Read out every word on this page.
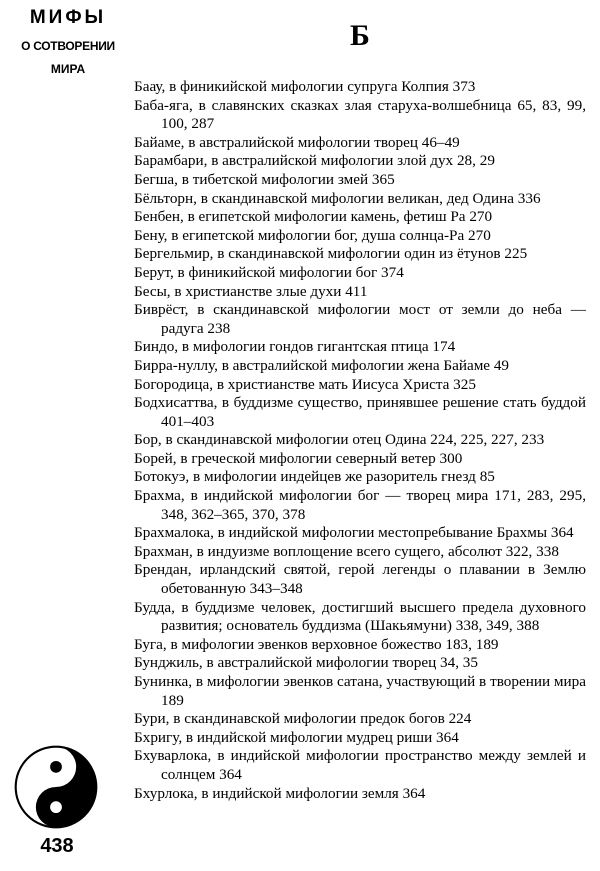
МИФЫ
О СОТВОРЕНИИ
МИРА
Б
Баау, в финикийской мифологии супруга Колпия 373
Баба-яга, в славянских сказках злая старуха-волшебница 65, 83, 99, 100, 287
Байаме, в австралийской мифологии творец 46–49
Барамбари, в австралийской мифологии злой дух 28, 29
Бегша, в тибетской мифологии змей 365
Бёльторн, в скандинавской мифологии великан, дед Одина 336
Бенбен, в египетской мифологии камень, фетиш Ра 270
Бену, в египетской мифологии бог, душа солнца-Ра 270
Бергельмир, в скандинавской мифологии один из ётунов 225
Берут, в финикийской мифологии бог 374
Бесы, в христианстве злые духи 411
Биврёст, в скандинавской мифологии мост от земли до неба — радуга 238
Биндо, в мифологии гондов гигантская птица 174
Бирра-нуллу, в австралийской мифологии жена Байаме 49
Богородица, в христианстве мать Иисуса Христа 325
Бодхисаттва, в буддизме существо, принявшее решение стать буддой 401–403
Бор, в скандинавской мифологии отец Одина 224, 225, 227, 233
Борей, в греческой мифологии северный ветер 300
Ботокуэ, в мифологии индейцев же разоритель гнезд 85
Брахма, в индийской мифологии бог — творец мира 171, 283, 295, 348, 362–365, 370, 378
Брахмалока, в индийской мифологии местопребывание Брахмы 364
Брахман, в индуизме воплощение всего сущего, абсолют 322, 338
Брендан, ирландский святой, герой легенды о плавании в Землю обетованную 343–348
Будда, в буддизме человек, достигший высшего предела духовного развития; основатель буддизма (Шакьямуни) 338, 349, 388
Буга, в мифологии эвенков верховное божество 183, 189
Бунджиль, в австралийской мифологии творец 34, 35
Бунинка, в мифологии эвенков сатана, участвующий в творении мира 189
Бури, в скандинавской мифологии предок богов 224
Бхригу, в индийской мифологии мудрец риши 364
Бхуварлока, в индийской мифологии пространство между землей и солнцем 364
Бхурлока, в индийской мифологии земля 364
438
